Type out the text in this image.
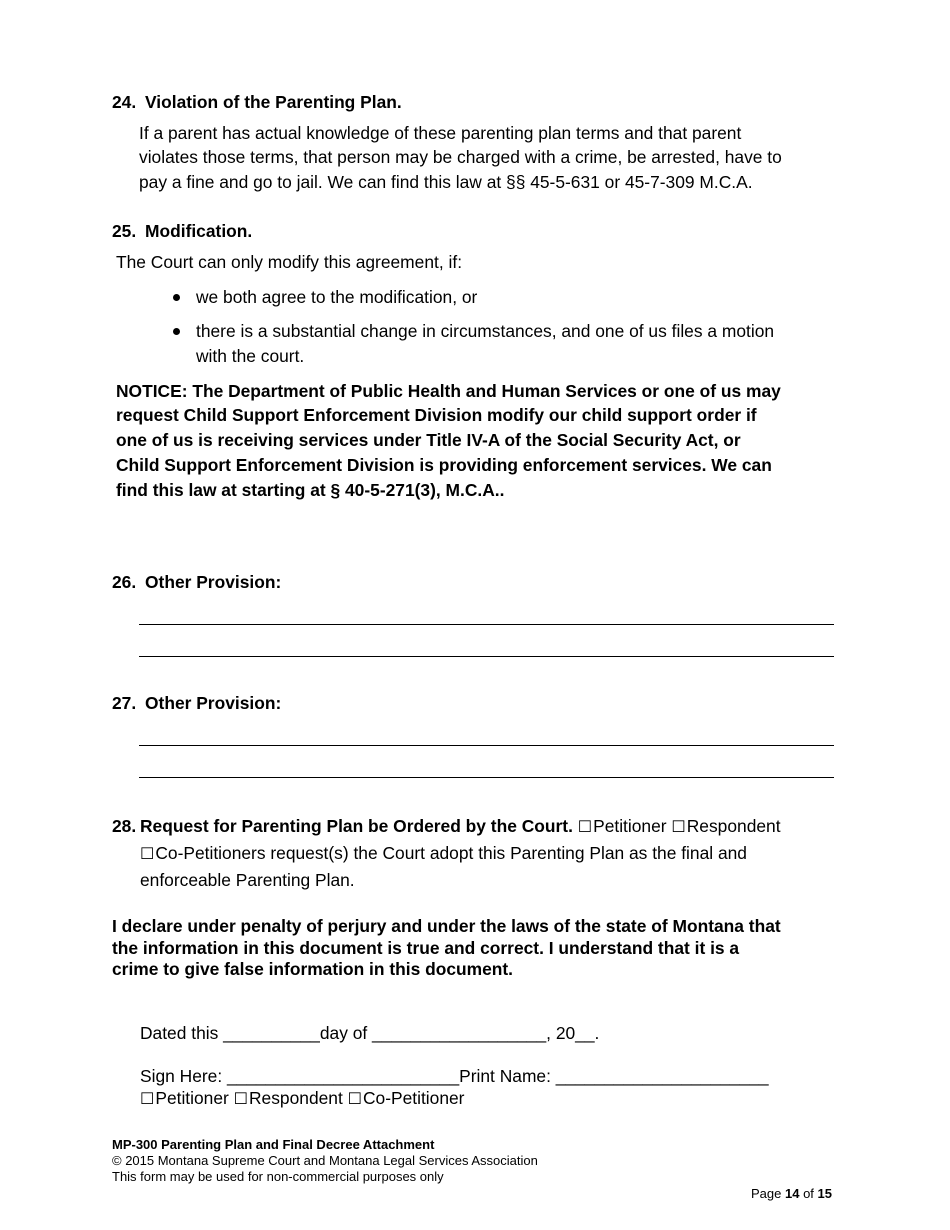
24. Violation of the Parenting Plan.
If a parent has actual knowledge of these parenting plan terms and that parent
violates those terms, that person may be charged with a crime, be arrested, have to
pay a fine and go to jail. We can find this law at §§ 45-5-631 or 45-7-309 M.C.A.
25. Modification.
The Court can only modify this agreement, if:
we both agree to the modification, or
there is a substantial change in circumstances, and one of us files a motion
with the court.
NOTICE: The Department of Public Health and Human Services or one of us may
request Child Support Enforcement Division modify our child support order if
one of us is receiving services under Title IV-A of the Social Security Act, or
Child Support Enforcement Division is providing enforcement services. We can
find this law at starting at § 40-5-271(3), M.C.A..
26. Other Provision:
27. Other Provision:
28. Request for Parenting Plan be Ordered by the Court. ☐Petitioner ☐Respondent
☐Co-Petitioners request(s) the Court adopt this Parenting Plan as the final and
enforceable Parenting Plan.
I declare under penalty of perjury and under the laws of the state of Montana that
the information in this document is true and correct. I understand that it is a
crime to give false information in this document.
Dated this __________day of __________________, 20__.
Sign Here: ________________________Print Name: ______________________
☐Petitioner ☐Respondent ☐Co-Petitioner
MP-300 Parenting Plan and Final Decree Attachment
© 2015 Montana Supreme Court and Montana Legal Services Association
This form may be used for non-commercial purposes only
Page 14 of 15
